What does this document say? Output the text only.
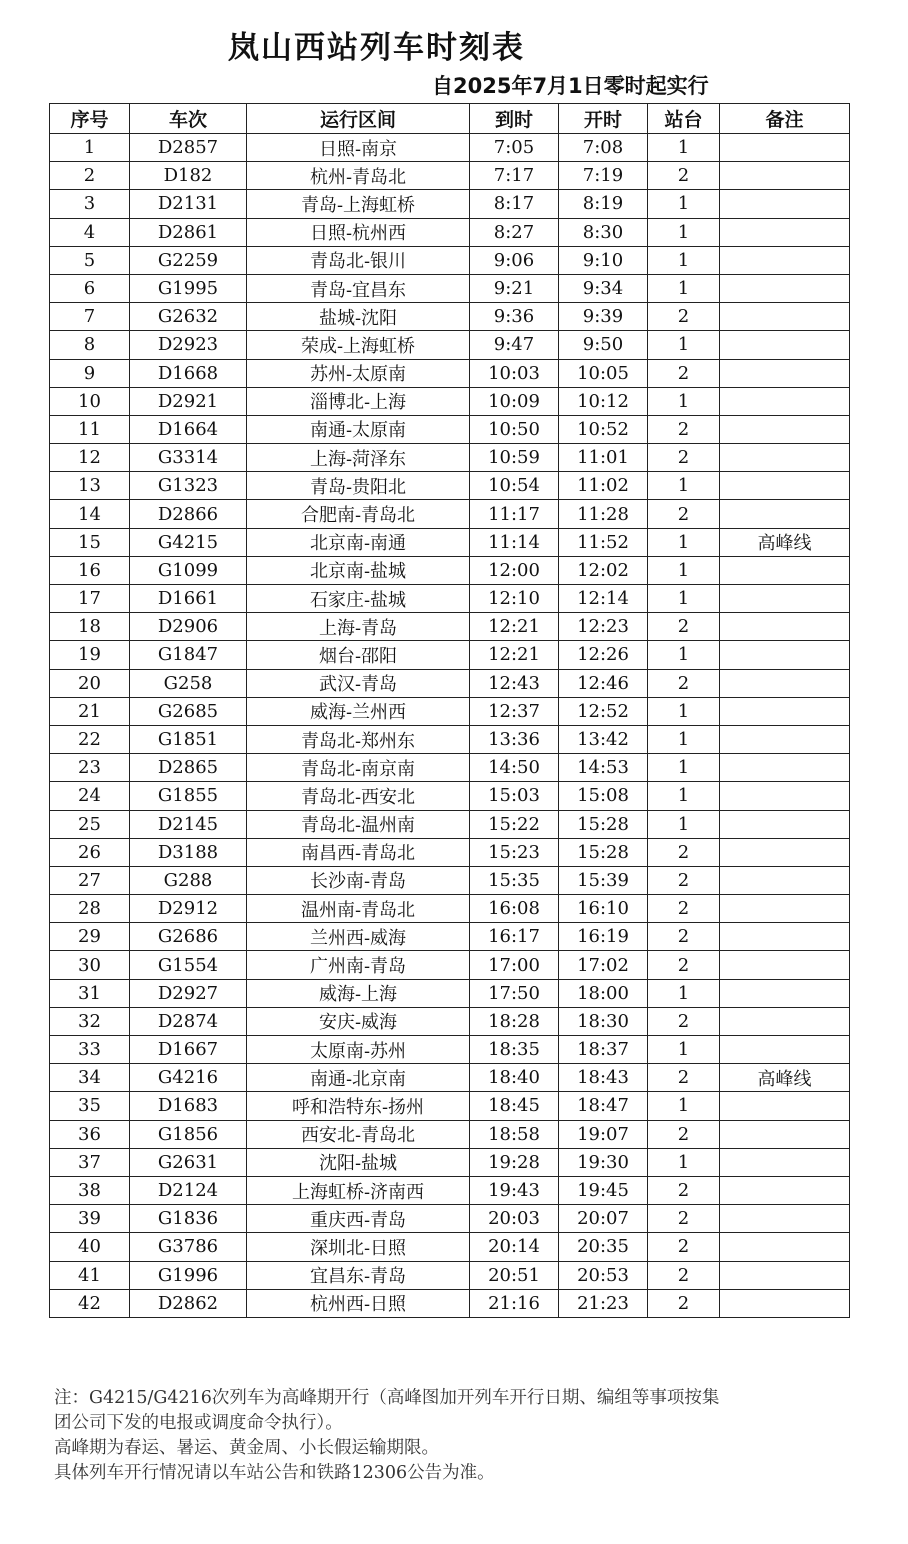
岚山西站列车时刻表
自2025年7月1日零时起实行
序号	车次	运行区间	到时	开时	站台	备注
1	D2857	日照-南京	7:05	7:08	1	
2	D182	杭州-青岛北	7:17	7:19	2	
3	D2131	青岛-上海虹桥	8:17	8:19	1	
4	D2861	日照-杭州西	8:27	8:30	1	
5	G2259	青岛北-银川	9:06	9:10	1	
6	G1995	青岛-宜昌东	9:21	9:34	1	
7	G2632	盐城-沈阳	9:36	9:39	2	
8	D2923	荣成-上海虹桥	9:47	9:50	1	
9	D1668	苏州-太原南	10:03	10:05	2	
10	D2921	淄博北-上海	10:09	10:12	1	
11	D1664	南通-太原南	10:50	10:52	2	
12	G3314	上海-菏泽东	10:59	11:01	2	
13	G1323	青岛-贵阳北	10:54	11:02	1	
14	D2866	合肥南-青岛北	11:17	11:28	2	
15	G4215	北京南-南通	11:14	11:52	1	高峰线
16	G1099	北京南-盐城	12:00	12:02	1	
17	D1661	石家庄-盐城	12:10	12:14	1	
18	D2906	上海-青岛	12:21	12:23	2	
19	G1847	烟台-邵阳	12:21	12:26	1	
20	G258	武汉-青岛	12:43	12:46	2	
21	G2685	威海-兰州西	12:37	12:52	1	
22	G1851	青岛北-郑州东	13:36	13:42	1	
23	D2865	青岛北-南京南	14:50	14:53	1	
24	G1855	青岛北-西安北	15:03	15:08	1	
25	D2145	青岛北-温州南	15:22	15:28	1	
26	D3188	南昌西-青岛北	15:23	15:28	2	
27	G288	长沙南-青岛	15:35	15:39	2	
28	D2912	温州南-青岛北	16:08	16:10	2	
29	G2686	兰州西-威海	16:17	16:19	2	
30	G1554	广州南-青岛	17:00	17:02	2	
31	D2927	威海-上海	17:50	18:00	1	
32	D2874	安庆-威海	18:28	18:30	2	
33	D1667	太原南-苏州	18:35	18:37	1	
34	G4216	南通-北京南	18:40	18:43	2	高峰线
35	D1683	呼和浩特东-扬州	18:45	18:47	1	
36	G1856	西安北-青岛北	18:58	19:07	2	
37	G2631	沈阳-盐城	19:28	19:30	1	
38	D2124	上海虹桥-济南西	19:43	19:45	2	
39	G1836	重庆西-青岛	20:03	20:07	2	
40	G3786	深圳北-日照	20:14	20:35	2	
41	G1996	宜昌东-青岛	20:51	20:53	2	
42	D2862	杭州西-日照	21:16	21:23	2	
注：G4215/G4216次列车为高峰期开行（高峰图加开列车开行日期、编组等事项按集
团公司下发的电报或调度命令执行）。
高峰期为春运、暑运、黄金周、小长假运输期限。
具体列车开行情况请以车站公告和铁路12306公告为准。
